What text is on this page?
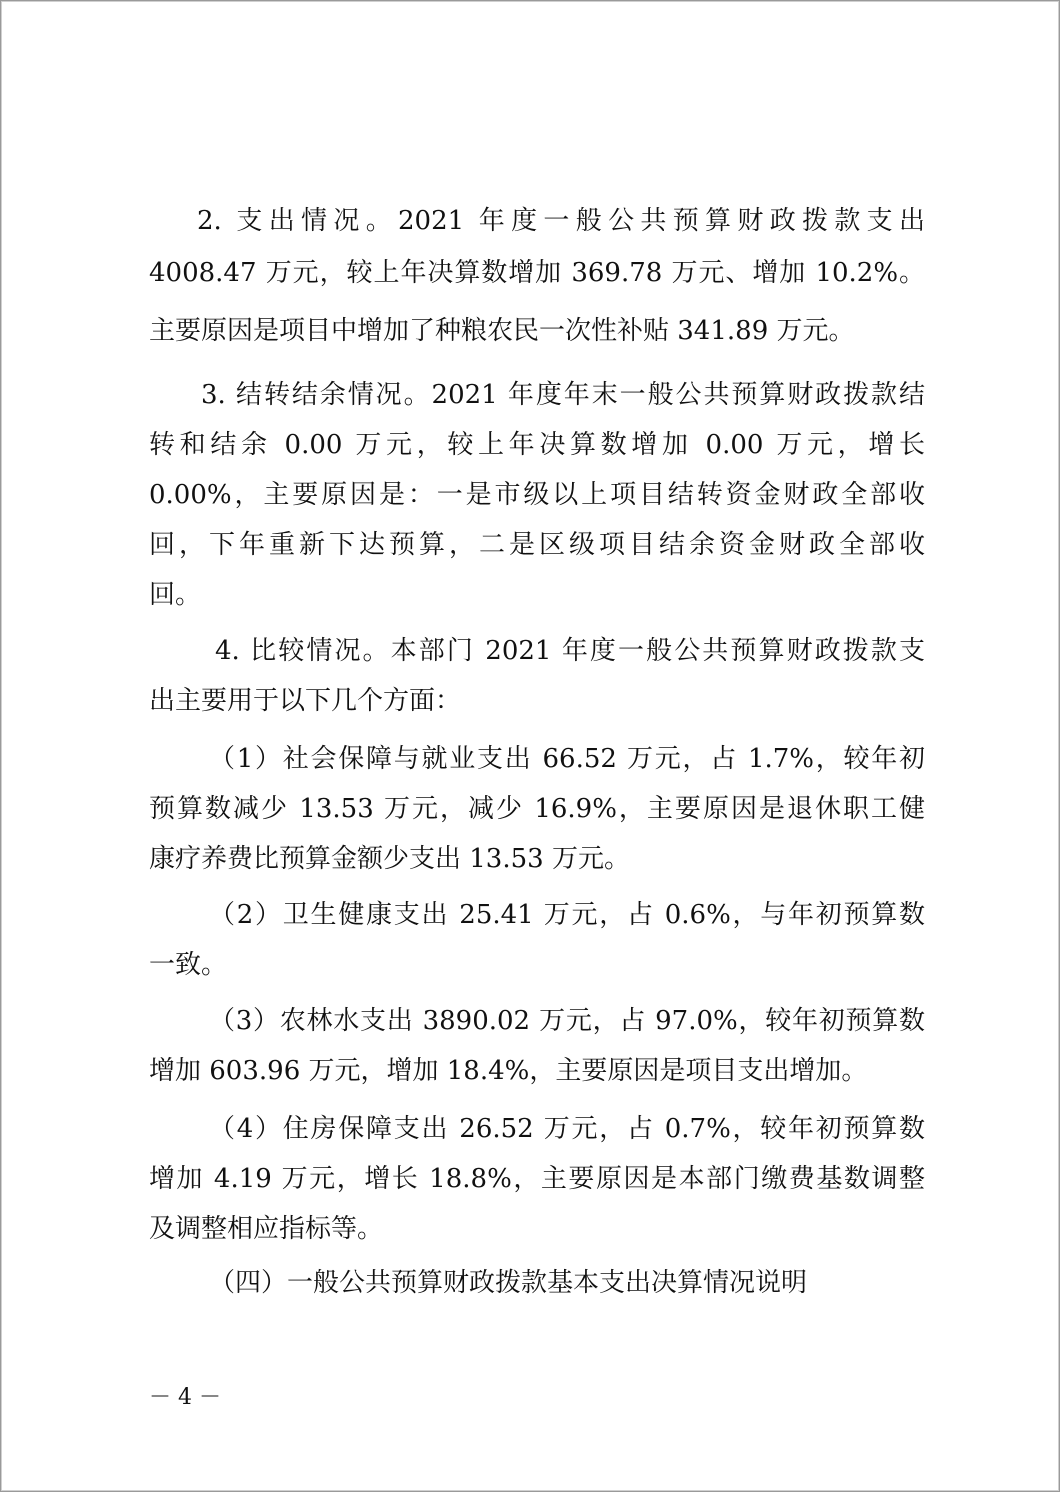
2. 支出情况。2021 年度一般公共预算财政拨款支出
4008.47 万元，较上年决算数增加 369.78 万元、增加 10.2%。
主要原因是项目中增加了种粮农民一次性补贴 341.89 万元。
3. 结转结余情况。2021 年度年末一般公共预算财政拨款结
转和结余 0.00 万元，较上年决算数增加 0.00 万元，增长
0.00%，主要原因是：一是市级以上项目结转资金财政全部收
回，下年重新下达预算，二是区级项目结余资金财政全部收
回。
4. 比较情况。本部门 2021 年度一般公共预算财政拨款支
出主要用于以下几个方面：
（1）社会保障与就业支出 66.52 万元，占 1.7%，较年初
预算数减少 13.53 万元，减少 16.9%，主要原因是退休职工健
康疗养费比预算金额少支出 13.53 万元。
（2）卫生健康支出 25.41 万元，占 0.6%，与年初预算数
一致。
（3）农林水支出 3890.02 万元，占 97.0%，较年初预算数
增加 603.96 万元，增加 18.4%，主要原因是项目支出增加。
（4）住房保障支出 26.52 万元，占 0.7%，较年初预算数
增加 4.19 万元，增长 18.8%，主要原因是本部门缴费基数调整
及调整相应指标等。
（四）一般公共预算财政拨款基本支出决算情况说明
－ 4 －
